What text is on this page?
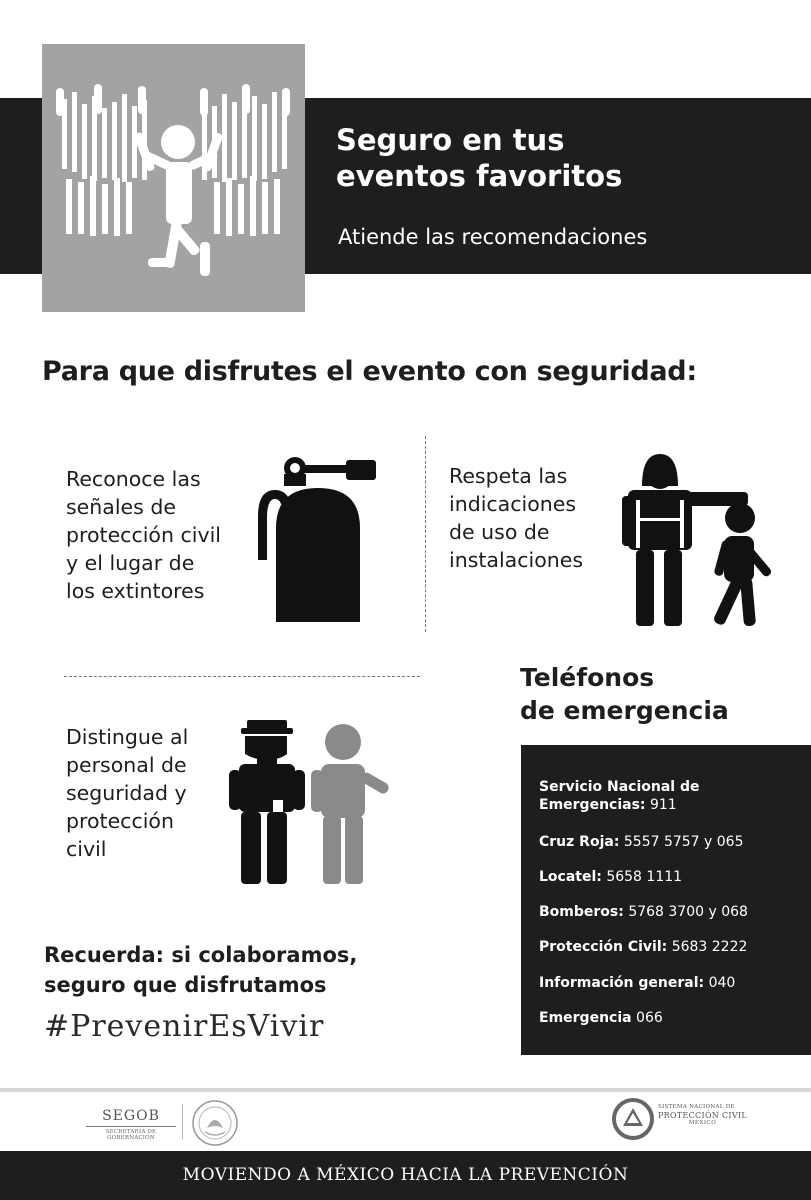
Seguro en tus
eventos favoritos
Atiende las recomendaciones
Para que disfrutes el evento con seguridad:
Reconoce las
señales de
protección civil
y el lugar de
los extintores
Respeta las
indicaciones
de uso de
instalaciones
Distingue al
personal de
seguridad y
protección
civil
Teléfonos
de emergencia
Servicio Nacional de
Emergencias: 911
Cruz Roja: 5557 5757 y 065
Locatel: 5658 1111
Bomberos: 5768 3700 y 068
Protección Civil: 5683 2222
Información general: 040
Emergencia 066
Recuerda: si colaboramos,
seguro que disfrutamos
#PrevenirEsVivir
SEGOB
SECRETARÍA DE GOBERNACIÓN
SISTEMA NACIONAL DE
PROTECCIÓN CIVIL
MÉXICO
MOVIENDO A MÉXICO HACIA LA PREVENCIÓN
